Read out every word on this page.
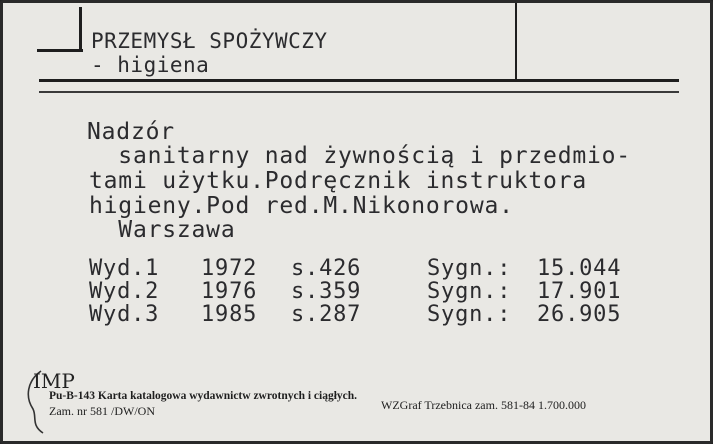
PRZEMYSŁ SPOŻYWCZY
- higiena
Nadzór
sanitarny nad żywnością i przedmio-
tami użytku.Podręcznik instruktora
higieny.Pod red.M.Nikonorowa.
Warszawa
Wyd.1 1972 s.426	Sygn.: 15.044
Wyd.2 1976 s.359	Sygn.: 17.901
Wyd.3 1985 s.287	Sygn.: 26.905
IMP
Pu-B-143 Karta katalogowa wydawnictw zwrotnych i ciągłych.
Zam. nr 581 /DW/ON	WZGraf Trzebnica zam. 581-84 1.700.000
